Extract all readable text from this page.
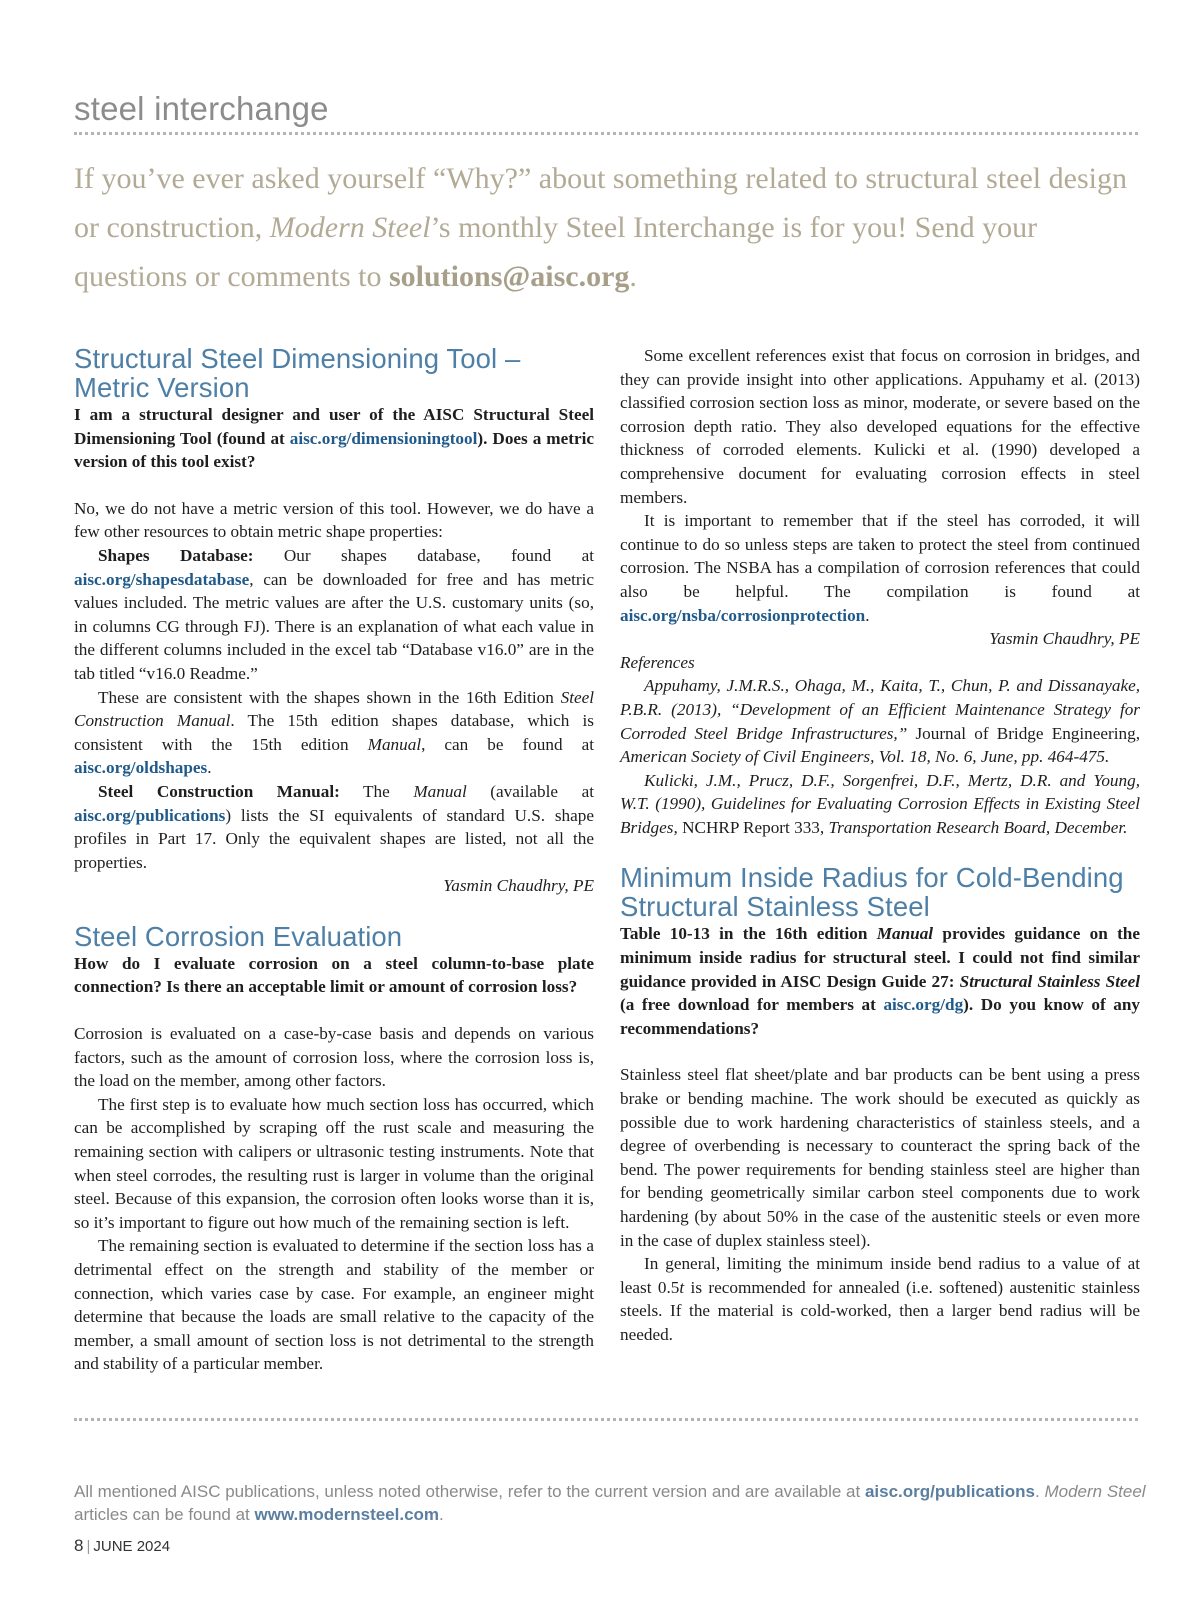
steel interchange
If you’ve ever asked yourself “Why?” about something related to structural steel design or construction, Modern Steel’s monthly Steel Interchange is for you! Send your questions or comments to solutions@aisc.org.
Structural Steel Dimensioning Tool – Metric Version

I am a structural designer and user of the AISC Structural Steel Dimensioning Tool (found at aisc.org/dimensioningtool). Does a metric version of this tool exist?

No, we do not have a metric version of this tool. However, we do have a few other resources to obtain metric shape properties:

Shapes Database: Our shapes database, found at aisc.org/shapesdatabase, can be downloaded for free and has metric values included. The metric values are after the U.S. customary units (so, in columns CG through FJ). There is an explanation of what each value in the different columns included in the excel tab “Database v16.0” are in the tab titled “v16.0 Readme.”

These are consistent with the shapes shown in the 16th Edition Steel Construction Manual. The 15th edition shapes database, which is consistent with the 15th edition Manual, can be found at aisc.org/oldshapes.

Steel Construction Manual: The Manual (available at aisc.org/publications) lists the SI equivalents of standard U.S. shape profiles in Part 17. Only the equivalent shapes are listed, not all the properties.

Yasmin Chaudhry, PE

Steel Corrosion Evaluation

How do I evaluate corrosion on a steel column-to-base plate connection? Is there an acceptable limit or amount of corrosion loss?

Corrosion is evaluated on a case-by-case basis and depends on various factors, such as the amount of corrosion loss, where the corrosion loss is, the load on the member, among other factors.

The first step is to evaluate how much section loss has occurred, which can be accomplished by scraping off the rust scale and measuring the remaining section with calipers or ultrasonic testing instruments. Note that when steel corrodes, the resulting rust is larger in volume than the original steel. Because of this expansion, the corrosion often looks worse than it is, so it’s important to figure out how much of the remaining section is left.

The remaining section is evaluated to determine if the section loss has a detrimental effect on the strength and stability of the member or connection, which varies case by case. For example, an engineer might determine that because the loads are small relative to the capacity of the member, a small amount of section loss is not detrimental to the strength and stability of a particular member.

Some excellent references exist that focus on corrosion in bridges, and they can provide insight into other applications. Appuhamy et al. (2013) classified corrosion section loss as minor, moderate, or severe based on the corrosion depth ratio. They also developed equations for the effective thickness of corroded elements. Kulicki et al. (1990) developed a comprehensive document for evaluating corrosion effects in steel members.

It is important to remember that if the steel has corroded, it will continue to do so unless steps are taken to protect the steel from continued corrosion. The NSBA has a compilation of corrosion references that could also be helpful. The compilation is found at aisc.org/nsba/corrosionprotection.

Yasmin Chaudhry, PE

References

Appuhamy, J.M.R.S., Ohaga, M., Kaita, T., Chun, P. and Dissanayake, P.B.R. (2013), “Development of an Efficient Maintenance Strategy for Corroded Steel Bridge Infrastructures,” Journal of Bridge Engineering, American Society of Civil Engineers, Vol. 18, No. 6, June, pp. 464-475.

Kulicki, J.M., Prucz, D.F., Sorgenfrei, D.F., Mertz, D.R. and Young, W.T. (1990), Guidelines for Evaluating Corrosion Effects in Existing Steel Bridges, NCHRP Report 333, Transportation Research Board, December.

Minimum Inside Radius for Cold-Bending Structural Stainless Steel

Table 10-13 in the 16th edition Manual provides guidance on the minimum inside radius for structural steel. I could not find similar guidance provided in AISC Design Guide 27: Structural Stainless Steel (a free download for members at aisc.org/dg). Do you know of any recommendations?

Stainless steel flat sheet/plate and bar products can be bent using a press brake or bending machine. The work should be executed as quickly as possible due to work hardening characteristics of stainless steels, and a degree of overbending is necessary to counteract the spring back of the bend. The power requirements for bending stainless steel are higher than for bending geometrically similar carbon steel components due to work hardening (by about 50% in the case of the austenitic steels or even more in the case of duplex stainless steel).

In general, limiting the minimum inside bend radius to a value of at least 0.5t is recommended for annealed (i.e. softened) austenitic stainless steels. If the material is cold-worked, then a larger bend radius will be needed.

All mentioned AISC publications, unless noted otherwise, refer to the current version and are available at aisc.org/publications. Modern Steel articles can be found at www.modernsteel.com.
8 | JUNE 2024
